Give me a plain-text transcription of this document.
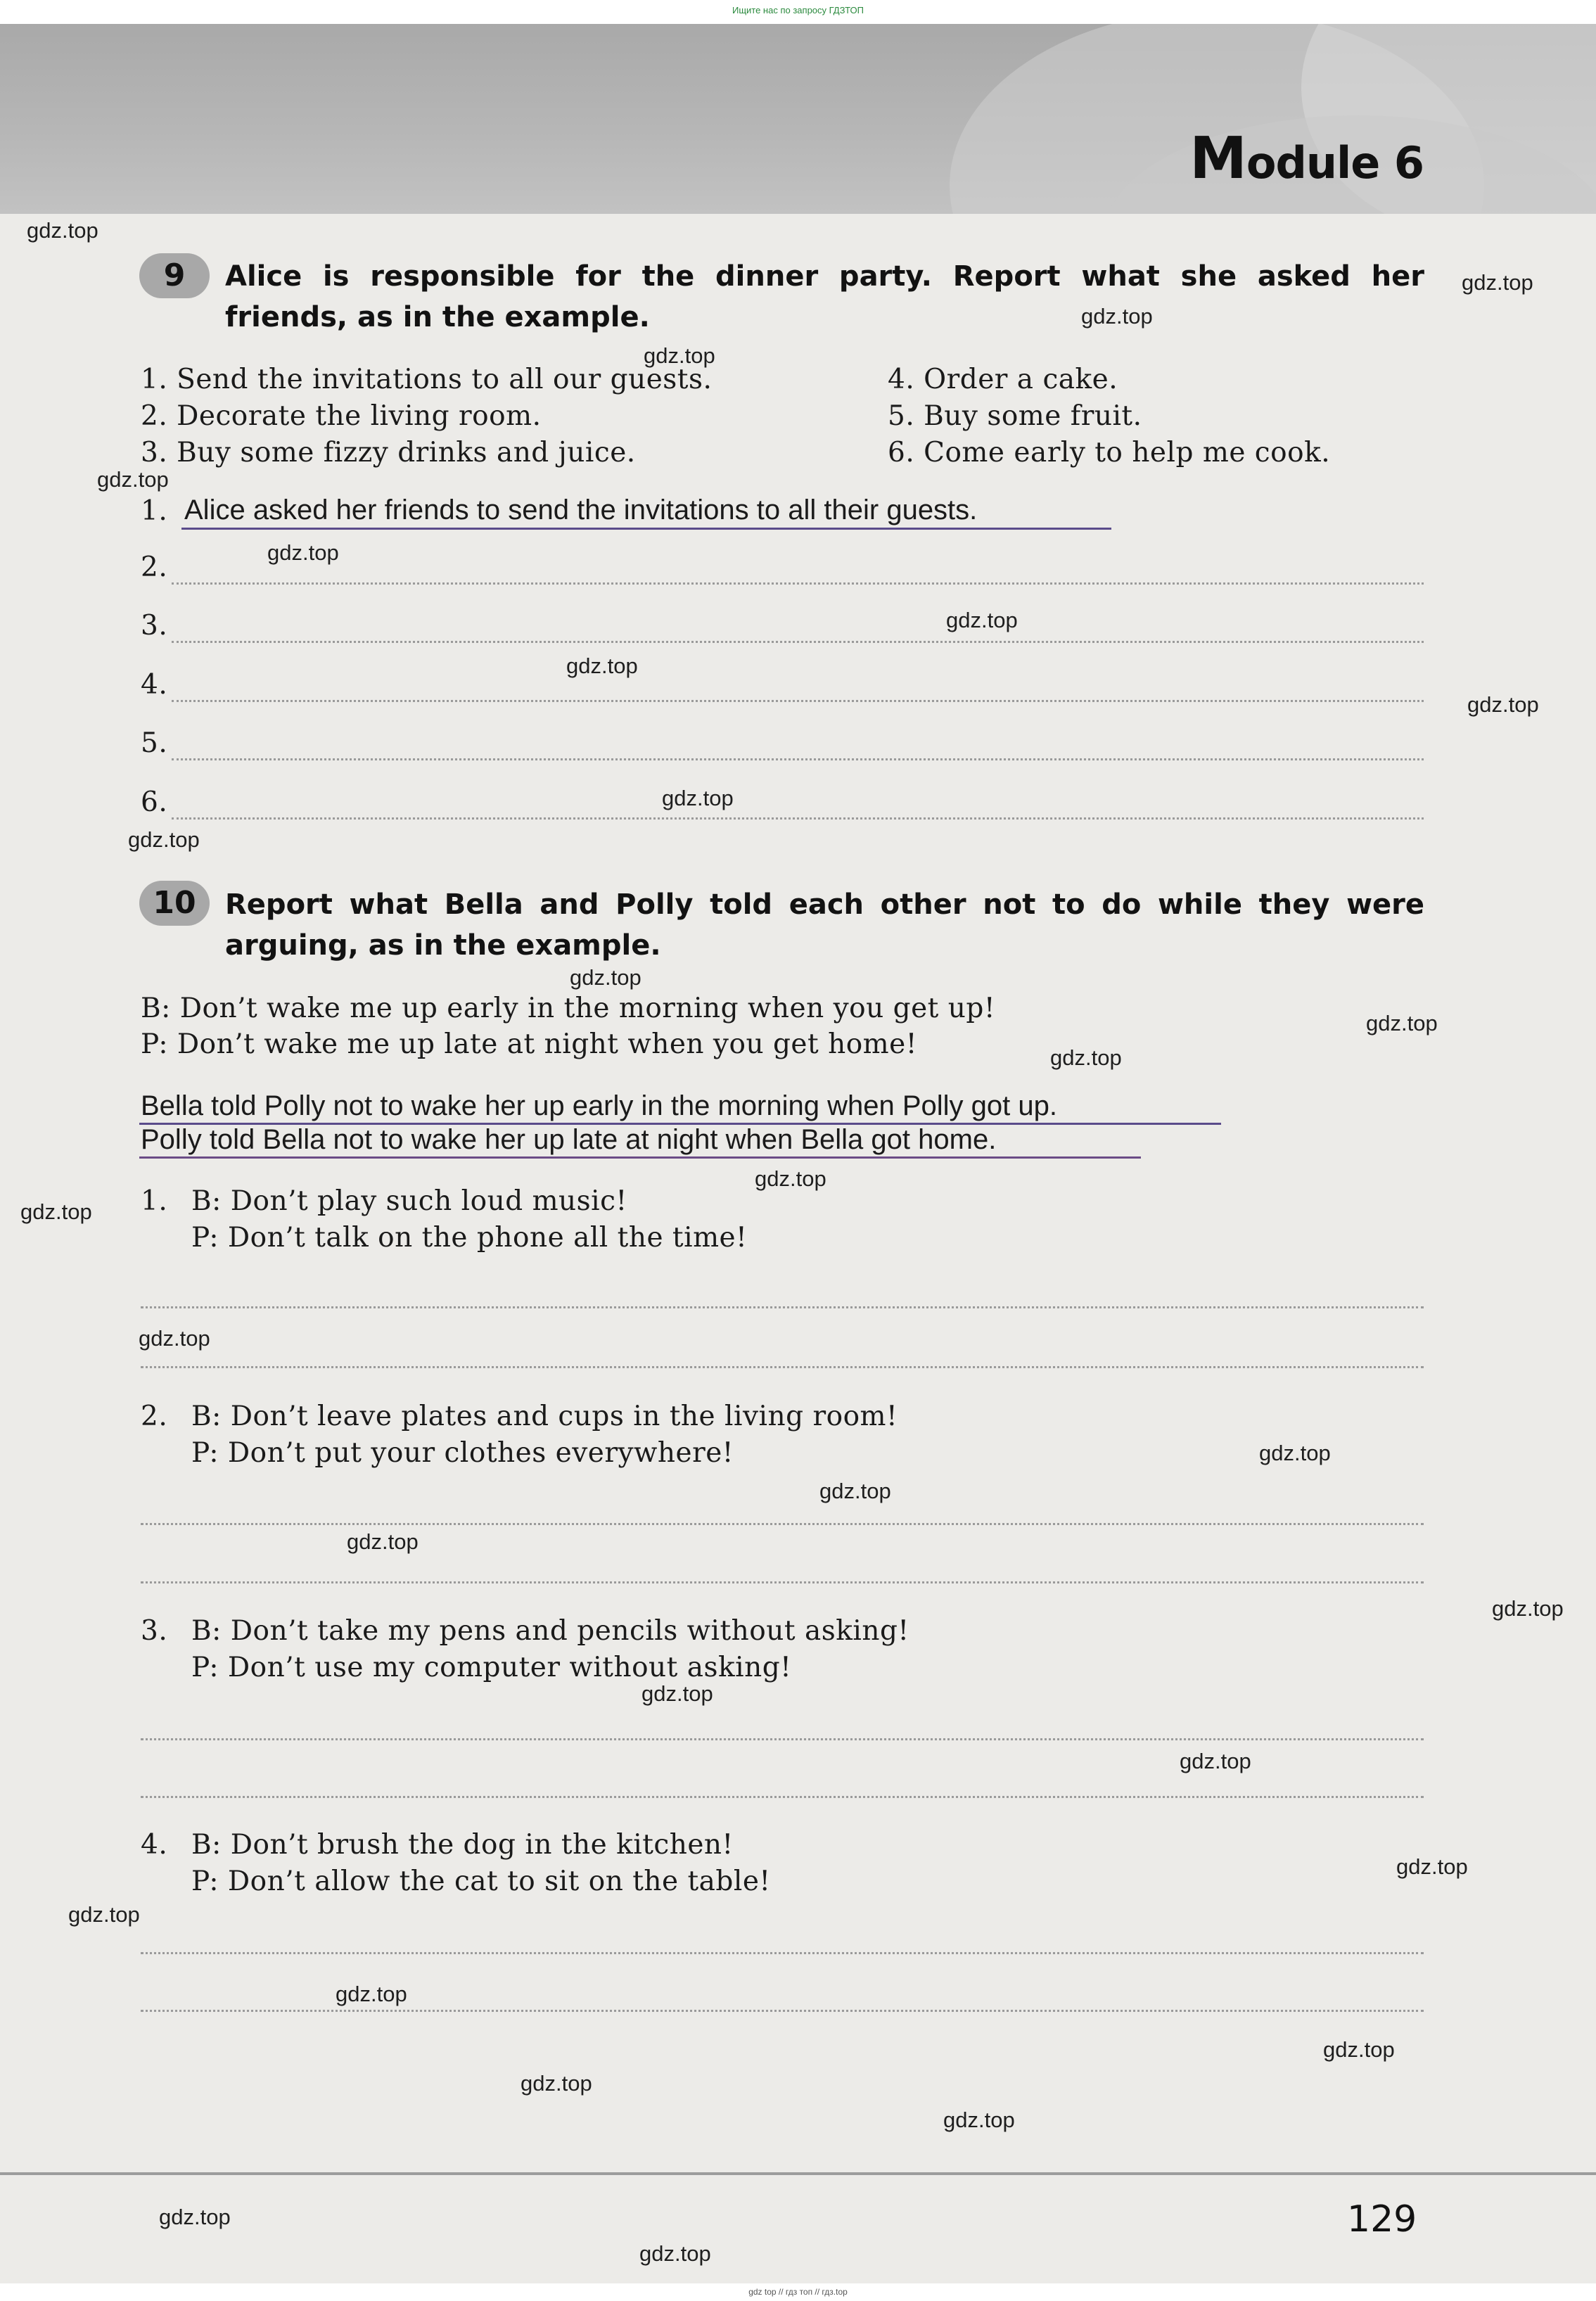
Ищите нас по запросу ГДЗТОП
Module 6
9	Alice is responsible for the dinner party. Report what she asked her
friends, as in the example.
1. Send the invitations to all our guests.
2. Decorate the living room.
3. Buy some fizzy drinks and juice.
4. Order a cake.
5. Buy some fruit.
6. Come early to help me cook.
1. Alice asked her friends to send the invitations to all their guests.
2.
3.
4.
5.
6.
10	Report what Bella and Polly told each other not to do while they were
arguing, as in the example.
B: Don’t wake me up early in the morning when you get up!
P: Don’t wake me up late at night when you get home!
Bella told Polly not to wake her up early in the morning when Polly got up.
Polly told Bella not to wake her up late at night when Bella got home.
1. B: Don’t play such loud music!
P: Don’t talk on the phone all the time!
2. B: Don’t leave plates and cups in the living room!
P: Don’t put your clothes everywhere!
3. B: Don’t take my pens and pencils without asking!
P: Don’t use my computer without asking!
4. B: Don’t brush the dog in the kitchen!
P: Don’t allow the cat to sit on the table!
129
gdz.top
gdz.top
gdz.top
gdz.top
gdz.top
gdz.top
gdz.top
gdz.top
gdz.top
gdz.top
gdz.top
gdz.top
gdz.top
gdz.top
gdz.top
gdz.top
gdz.top
gdz.top
gdz.top
gdz.top
gdz.top
gdz.top
gdz.top
gdz.top
gdz.top
gdz.top
gdz.top
gdz.top
gdz.top
gdz.top
gdz.top
gdz top // гдз топ // гдз.top
